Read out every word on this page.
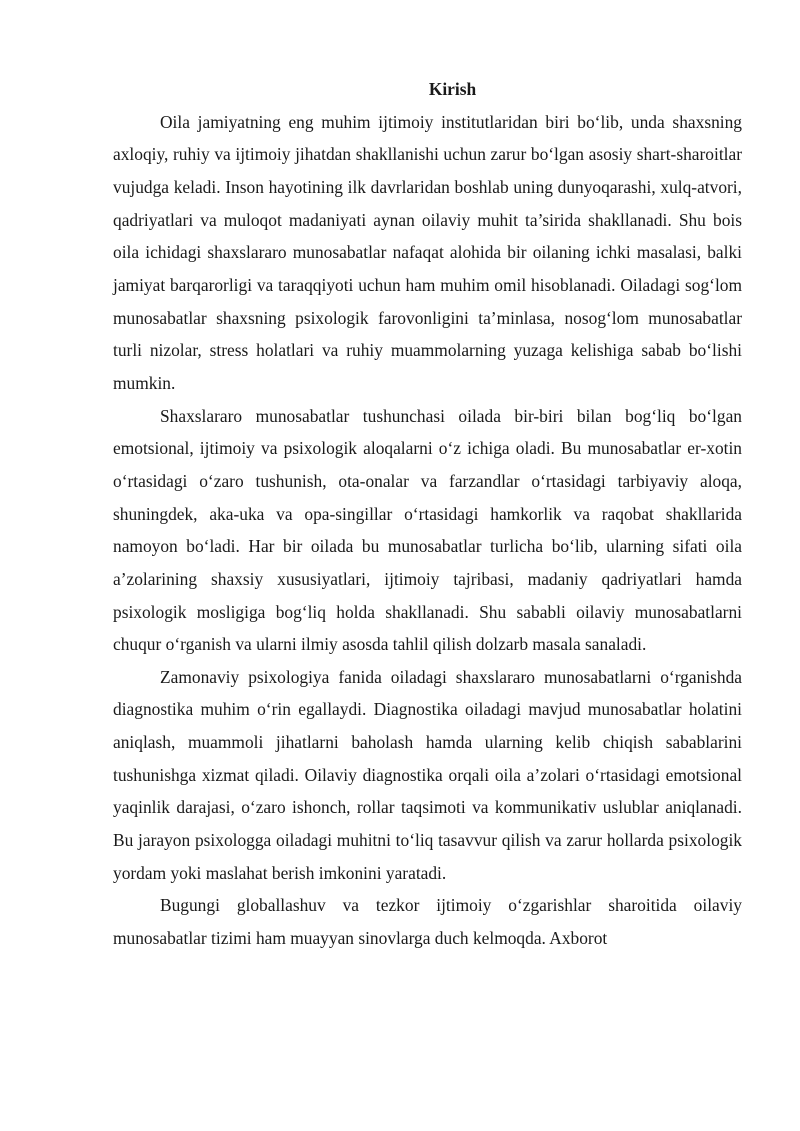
Kirish

Oila jamiyatning eng muhim ijtimoiy institutlaridan biri bo‘lib, unda shaxsning axloqiy, ruhiy va ijtimoiy jihatdan shakllanishi uchun zarur bo‘lgan asosiy shart-sharoitlar vujudga keladi. Inson hayotining ilk davrlaridan boshlab uning dunyoqarashi, xulq-atvori, qadriyatlari va muloqot madaniyati aynan oilaviy muhit ta’sirida shakllanadi. Shu bois oila ichidagi shaxslararo munosabatlar nafaqat alohida bir oilaning ichki masalasi, balki jamiyat barqarorligi va taraqqiyoti uchun ham muhim omil hisoblanadi. Oiladagi sog‘lom munosabatlar shaxsning psixologik farovonligini ta’minlasa, nosog‘lom munosabatlar turli nizolar, stress holatlari va ruhiy muammolarning yuzaga kelishiga sabab bo‘lishi mumkin.

Shaxslararo munosabatlar tushunchasi oilada bir-biri bilan bog‘liq bo‘lgan emotsional, ijtimoiy va psixologik aloqalarni o‘z ichiga oladi. Bu munosabatlar er-xotin o‘rtasidagi o‘zaro tushunish, ota-onalar va farzandlar o‘rtasidagi tarbiyaviy aloqa, shuningdek, aka-uka va opa-singillar o‘rtasidagi hamkorlik va raqobat shakllarida namoyon bo‘ladi. Har bir oilada bu munosabatlar turlicha bo‘lib, ularning sifati oila a’zolarining shaxsiy xususiyatlari, ijtimoiy tajribasi, madaniy qadriyatlari hamda psixologik mosligiga bog‘liq holda shakllanadi. Shu sababli oilaviy munosabatlarni chuqur o‘rganish va ularni ilmiy asosda tahlil qilish dolzarb masala sanaladi.

Zamonaviy psixologiya fanida oiladagi shaxslararo munosabatlarni o‘rganishda diagnostika muhim o‘rin egallaydi. Diagnostika oiladagi mavjud munosabatlar holatini aniqlash, muammoli jihatlarni baholash hamda ularning kelib chiqish sabablarini tushunishga xizmat qiladi. Oilaviy diagnostika orqali oila a’zolari o‘rtasidagi emotsional yaqinlik darajasi, o‘zaro ishonch, rollar taqsimoti va kommunikativ uslublar aniqlanadi. Bu jarayon psixologga oiladagi muhitni to‘liq tasavvur qilish va zarur hollarda psixologik yordam yoki maslahat berish imkonini yaratadi.

Bugungi globallashuv va tezkor ijtimoiy o‘zgarishlar sharoitida oilaviy munosabatlar tizimi ham muayyan sinovlarga duch kelmoqda. Axborot
